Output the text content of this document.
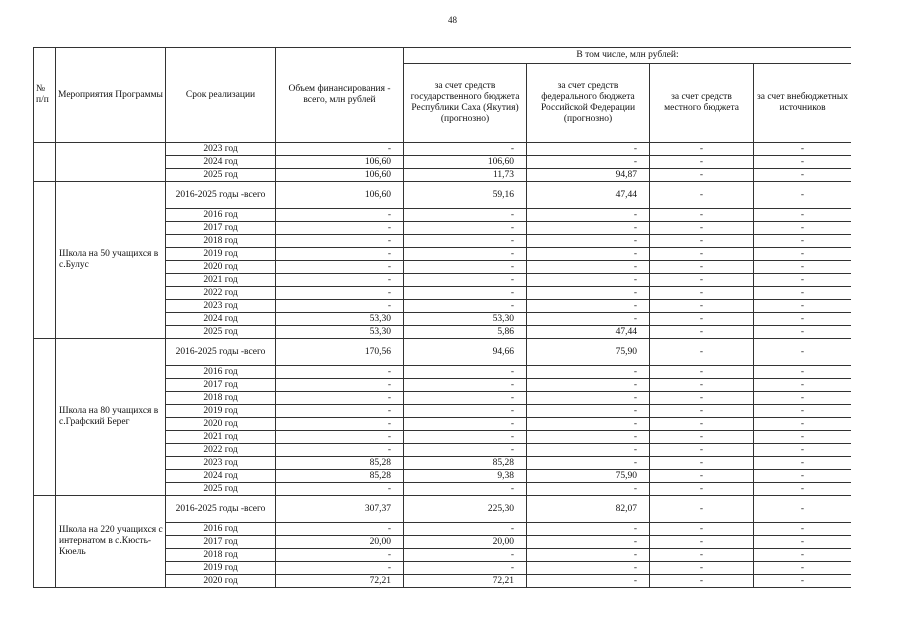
48
№ п/п	Мероприятия Программы	Срок реализации	Объем финансирования - всего, млн рублей	В том числе, млн рублей:			
				за счет средств государственного бюджета Республики Саха (Якутия) (прогнозно)	за счет средств федерального бюджета Российской Федерации (прогнозно)	за счет средств местного бюджета	за счет внебюджетных источников
		2023 год	-	-	-	-	-
		2024 год	106,60	106,60	-	-	-
		2025 год	106,60	11,73	94,87	-	-
	Школа на 50 учащихся в с.Булус	2016-2025 годы -всего	106,60	59,16	47,44	-	-
		2016 год	-	-	-	-	-
		2017 год	-	-	-	-	-
		2018 год	-	-	-	-	-
		2019 год	-	-	-	-	-
		2020 год	-	-	-	-	-
		2021 год	-	-	-	-	-
		2022 год	-	-	-	-	-
		2023 год	-	-	-	-	-
		2024 год	53,30	53,30	-	-	-
		2025 год	53,30	5,86	47,44	-	-
	Школа на 80 учащихся в с.Графский Берег	2016-2025 годы -всего	170,56	94,66	75,90	-	-
		2016 год	-	-	-	-	-
		2017 год	-	-	-	-	-
		2018 год	-	-	-	-	-
		2019 год	-	-	-	-	-
		2020 год	-	-	-	-	-
		2021 год	-	-	-	-	-
		2022 год	-	-	-	-	-
		2023 год	85,28	85,28	-	-	-
		2024 год	85,28	9,38	75,90	-	-
		2025 год	-	-	-	-	-
	Школа на 220 учащихся с интернатом в с.Кюсть-Кюель	2016-2025 годы -всего	307,37	225,30	82,07	-	-
		2016 год	-	-	-	-	-
		2017 год	20,00	20,00	-	-	-
		2018 год	-	-	-	-	-
		2019 год	-	-	-	-	-
		2020 год	72,21	72,21	-	-	-
